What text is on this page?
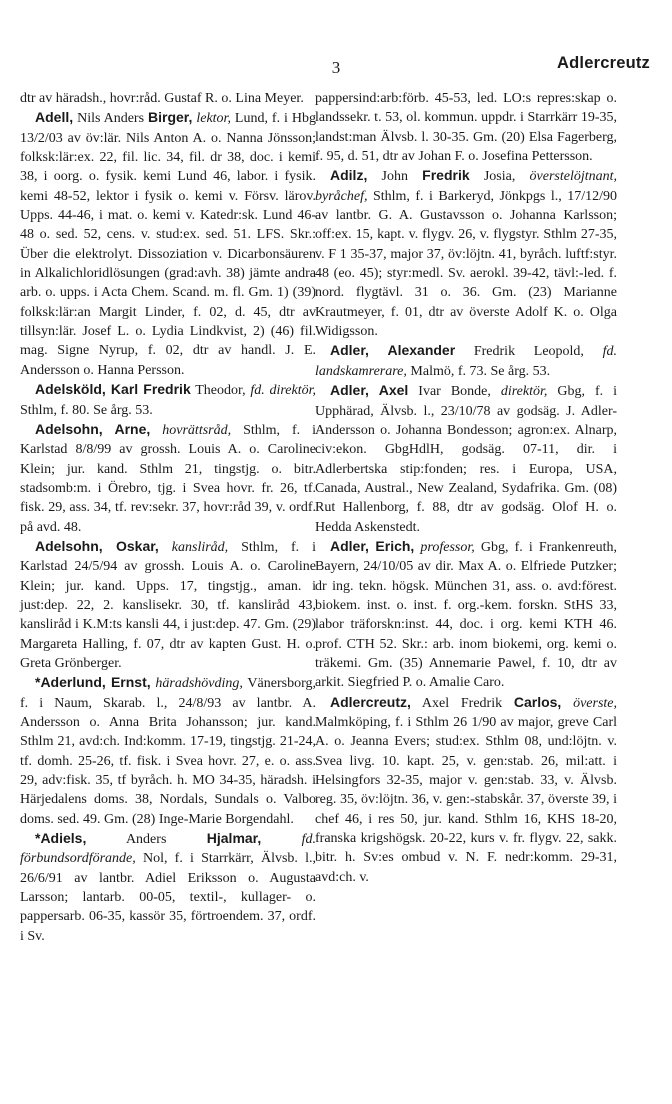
3	Adlercreutz

dtr av häradsh., hovr:råd. Gustaf R. o. Lina Meyer.

Adell, Nils Anders Birger, lektor, Lund, f. i Hbg 13/2/03 av öv:lär. Nils Anton A. o. Nanna Jönsson; folksk:lär:ex. 22, fil. lic. 34, fil. dr 38, doc. i kemi 38, i oorg. o. fysik. kemi Lund 46, labor. i fysik. kemi 48-52, lektor i fysik o. kemi v. Försv. lärov. Upps. 44-46, i mat. o. kemi v. Katedr:sk. Lund 46-48 o. sed. 52, cens. v. stud:ex. sed. 51. LFS. Skr.: Über die elektrolyt. Dissoziation v. Dicarbonsäuren in Alkalichloridlösungen (grad:avh. 38) jämte andra arb. o. upps. i Acta Chem. Scand. m. fl. Gm. 1) (39) folksk:lär:an Margit Linder, f. 02, d. 45, dtr av tillsyn:lär. Josef L. o. Lydia Lindkvist, 2) (46) fil. mag. Signe Nyrup, f. 02, dtr av handl. J. E. Andersson o. Hanna Persson.

Adelsköld, Karl Fredrik Theodor, fd. direktör, Sthlm, f. 80. Se årg. 53.

Adelsohn, Arne, hovrättsråd, Sthlm, f. i Karlstad 8/8/99 av grossh. Louis A. o. Caroline Klein; jur. kand. Sthlm 21, tingstjg. o. bitr. stadsomb:m. i Örebro, tjg. i Svea hovr. fr. 26, tf. fisk. 29, ass. 34, tf. rev:sekr. 37, hovr:råd 39, v. ordf. på avd. 48.

Adelsohn, Oskar, kansliråd, Sthlm, f. i Karlstad 24/5/94 av grossh. Louis A. o. Caroline Klein; jur. kand. Upps. 17, tingstjg., aman. i just:dep. 22, 2. kanslisekr. 30, tf. kansliråd 43, kansliråd i K.M:ts kansli 44, i just:dep. 47. Gm. (29) Margareta Halling, f. 07, dtr av kapten Gust. H. o. Greta Grönberger.

*Aderlund, Ernst, häradshövding, Vänersborg, f. i Naum, Skarab. l., 24/8/93 av lantbr. A. Andersson o. Anna Brita Johansson; jur. kand. Sthlm 21, avd:ch. Ind:komm. 17-19, tingstjg. 21-24, tf. domh. 25-26, tf. fisk. i Svea hovr. 27, e. o. ass. 29, adv:fisk. 35, tf byråch. h. MO 34-35, häradsh. i Härjedalens doms. 38, Nordals, Sundals o. Valbo doms. sed. 49. Gm. (28) Inge-Marie Borgendahl.

*Adiels, Anders Hjalmar,	fd. förbundsordförande, Nol, f. i Starrkärr, Älvsb. l., 26/6/91 av lantbr. Adiel Eriksson o. Augusta Larsson; lantarb. 00-05, textil-, kullager- o. pappersarb. 06-35, kassör 35, förtroendem. 37, ordf. i Sv.

pappersind:arb:förb. 45-53, led. LO:s repres:skap o. landssekr. t. 53, ol. kommun. uppdr. i Starrkärr 19-35, landst:man Älvsb. l. 30-35. Gm. (20) Elsa Fagerberg, f. 95, d. 51, dtr av Johan F. o. Josefina Pettersson.

Adilz, John Fredrik Josia, överstelöjtnant, byråchef, Sthlm, f. i Barkeryd, Jönkpgs l., 17/12/90 av lantbr. G. A. Gustavsson o. Johanna Karlsson; off:ex. 15, kapt. v. flygv. 26, v. flygstyr. Sthlm 27-35, v. F 1 35-37, major 37, öv:löjtn. 41, byråch. luftf:styr. 48 (eo. 45); styr:medl. Sv. aerokl. 39-42, tävl:-led. f. nord. flygtävl. 31 o. 36. Gm. (23) Marianne Krautmeyer, f. 01, dtr av överste Adolf K. o. Olga Widigsson.

Adler, Alexander Fredrik Leopold, fd. landskamrerare, Malmö, f. 73. Se årg. 53.

Adler, Axel Ivar Bonde, direktör, Gbg, f. i Upphärad, Älvsb. l., 23/10/78 av godsäg. J. Adler-Andersson o. Johanna Bondesson; agron:ex. Alnarp, civ:ekon. GbgHdlH, godsäg. 07-11, dir. i Adlerbertska stip:fonden; res. i Europa, USA, Canada, Austral., New Zealand, Sydafrika. Gm. (08) Rut Hallenborg, f. 88, dtr av godsäg. Olof H. o. Hedda Askenstedt.

Adler, Erich, professor, Gbg, f. i Frankenreuth, Bayern, 24/10/05 av dir. Max A. o. Elfriede Putzker; dr ing. tekn. högsk. München 31, ass. o. avd:förest. biokem. inst. o. inst. f. org.-kem. forskn. StHS 33, labor träforskn:inst. 44, doc. i org. kemi KTH 46. prof. CTH 52. Skr.: arb. inom biokemi, org. kemi o. träkemi. Gm. (35) Annemarie Pawel, f. 10, dtr av arkit. Siegfried P. o. Amalie Caro.

Adlercreutz, Axel Fredrik Carlos, överste, Malmköping, f. i Sthlm 26 1/90 av major, greve Carl A. o. Jeanna Evers; stud:ex. Sthlm 08, und:löjtn. v. Svea livg. 10. kapt. 25, v. gen:stab. 26, mil:att. i Helsingfors 32-35, major v. gen:stab. 33, v. Älvsb. reg. 35, öv:löjtn. 36, v. gen:-stabskår. 37, överste 39, i chef 46, i res 50, jur. kand. Sthlm 16, KHS 18-20, franska krigshögsk. 20-22, kurs v. fr. flygv. 22, sakk. bitr. h. Sv:es ombud v. N. F. nedr:komm. 29-31, avd:ch. v.
